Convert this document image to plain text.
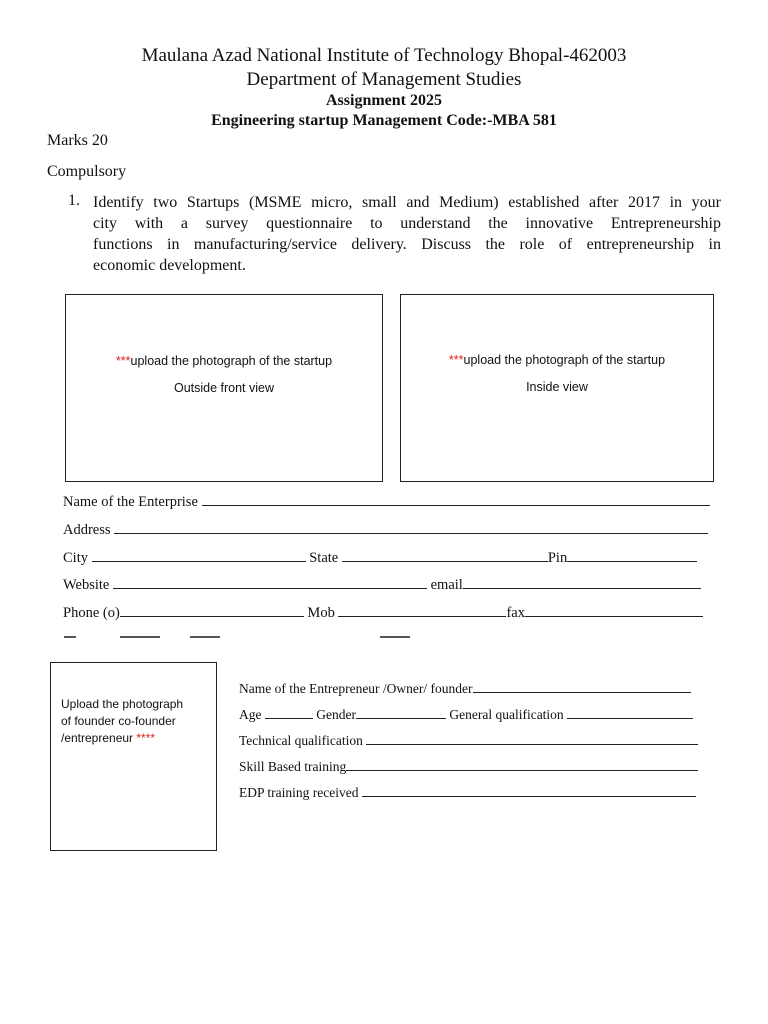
Maulana Azad National Institute of Technology Bhopal-462003
Department of Management Studies
Assignment 2025
Engineering startup Management Code:-MBA 581
Marks 20
Compulsory
1. Identify two Startups (MSME micro, small and Medium) established after 2017 in your
city with a survey questionnaire to understand the innovative Entrepreneurship
functions in manufacturing/service delivery. Discuss the role of entrepreneurship in
economic development.
***upload the photograph of the startup
Outside front view
***upload the photograph of the startup
Inside view
Name of the Enterprise
Address
City	State	Pin
Website	email
Phone (o)	Mob	fax
Upload the photograph
of founder co-founder
/entrepreneur ****
Name of the Entrepreneur /Owner/ founder
Age	Gender	General qualification
Technical qualification
Skill Based training
EDP training received
